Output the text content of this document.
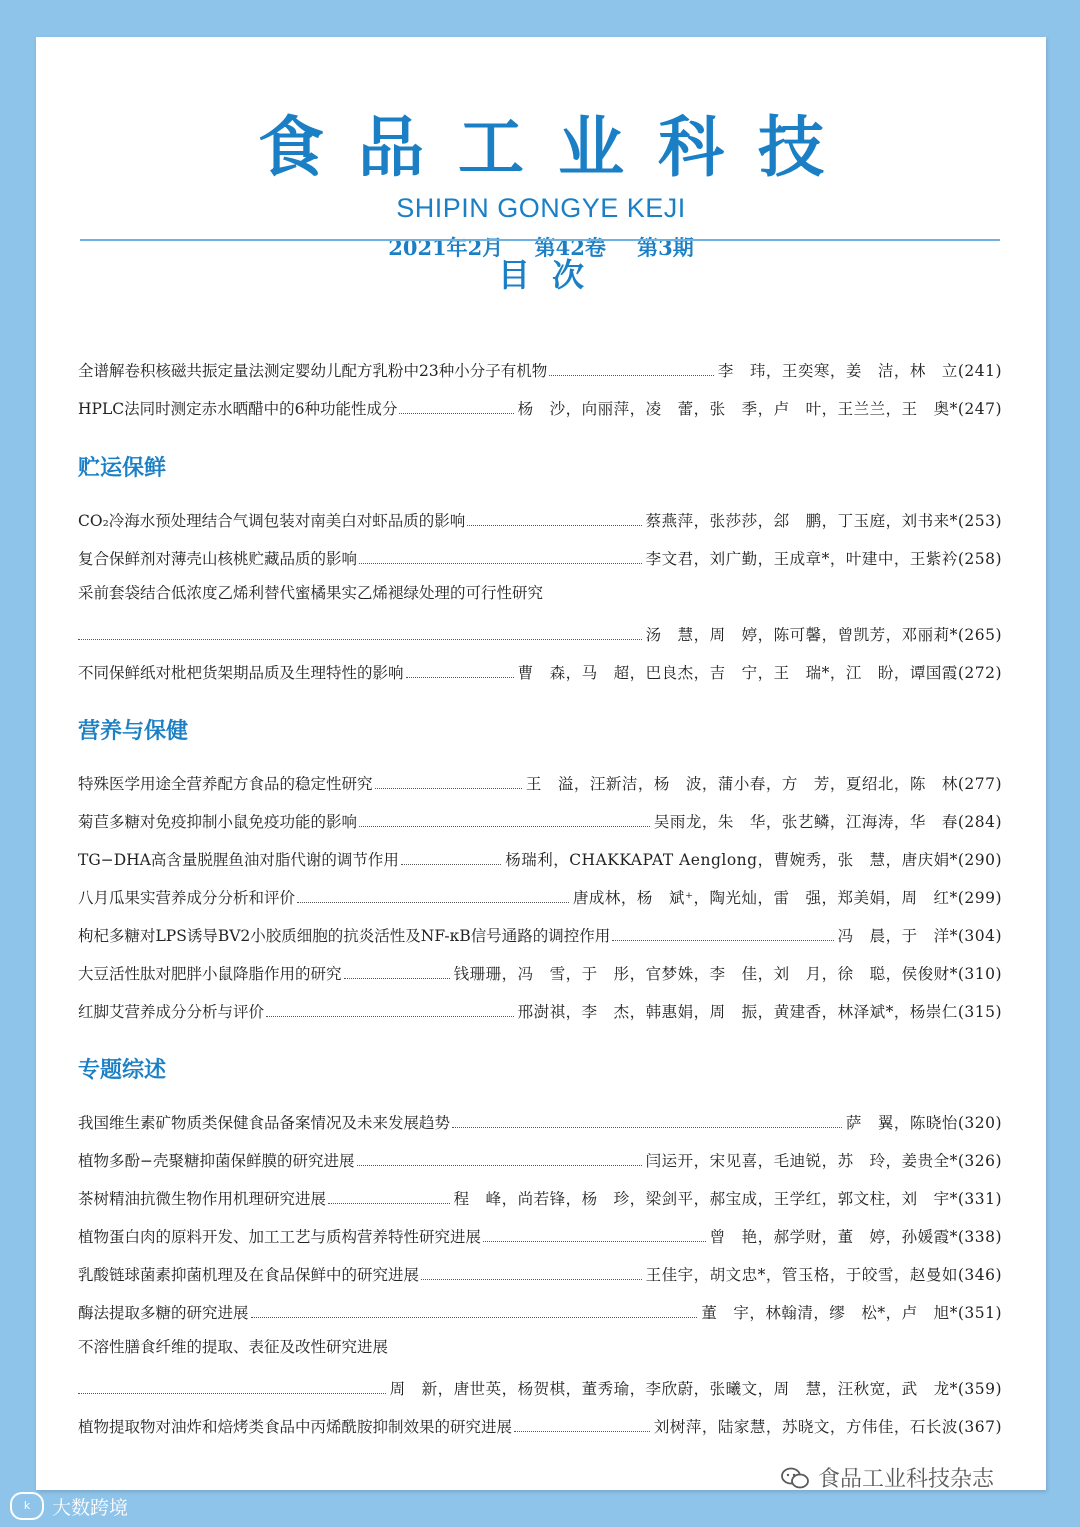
食品工业科技
SHIPIN GONGYE KEJI
2021年2月 第42卷 第3期
目次
全谱解卷积核磁共振定量法测定婴幼儿配方乳粉中23种小分子有机物	李　玮，王奕寒，姜　洁，林　立(241)
HPLC法同时测定赤水晒醋中的6种功能性成分	杨　沙，向丽萍，凌　蕾，张　季，卢　叶，王兰兰，王　奥*(247)
CO₂冷海水预处理结合气调包装对南美白对虾品质的影响	蔡燕萍，张莎莎，郐　鹏，丁玉庭，刘书来*(253)
复合保鲜剂对薄壳山核桃贮藏品质的影响	李文君，刘广勤，王成章*，叶建中，王紫衿(258)
采前套袋结合低浓度乙烯利替代蜜橘果实乙烯褪绿处理的可行性研究
汤　慧，周　婷，陈可馨，曾凯芳，邓丽莉*(265)
不同保鲜纸对枇杷货架期品质及生理特性的影响	曹　森，马　超，巴良杰，吉　宁，王　瑞*，江　盼，谭国霞(272)
特殊医学用途全营养配方食品的稳定性研究	王　溢，汪新洁，杨　波，蒲小春，方　芳，夏绍北，陈　林(277)
菊苣多糖对免疫抑制小鼠免疫功能的影响	吴雨龙，朱　华，张艺鳞，江海涛，华　春(284)
TG−DHA高含量脱腥鱼油对脂代谢的调节作用	杨瑞利，CHAKKAPAT Aenglong，曹婉秀，张　慧，唐庆娟*(290)
八月瓜果实营养成分分析和评价	唐成林，杨　斌⁺，陶光灿，雷　强，郑美娟，周　红*(299)
枸杞多糖对LPS诱导BV2小胶质细胞的抗炎活性及NF-κB信号通路的调控作用	冯　晨，于　洋*(304)
大豆活性肽对肥胖小鼠降脂作用的研究	钱珊珊，冯　雪，于　彤，官梦姝，李　佳，刘　月，徐　聪，侯俊财*(310)
红脚艾营养成分分析与评价	邢澍祺，李　杰，韩惠娟，周　振，黄建香，林泽斌*，杨崇仁(315)
我国维生素矿物质类保健食品备案情况及未来发展趋势	萨　翼，陈晓怡(320)
植物多酚−壳聚糖抑菌保鲜膜的研究进展	闫运开，宋见喜，毛迪锐，苏　玲，姜贵全*(326)
茶树精油抗微生物作用机理研究进展	程　峰，尚若锋，杨　珍，梁剑平，郝宝成，王学红，郭文柱，刘　宇*(331)
植物蛋白肉的原料开发、加工工艺与质构营养特性研究进展	曾　艳，郝学财，董　婷，孙媛霞*(338)
乳酸链球菌素抑菌机理及在食品保鲜中的研究进展	王佳宇，胡文忠*，管玉格，于皎雪，赵曼如(346)
酶法提取多糖的研究进展	董　宇，林翰清，缪　松*，卢　旭*(351)
不溶性膳食纤维的提取、表征及改性研究进展
周　新，唐世英，杨贺棋，董秀瑜，李欣蔚，张曦文，周　慧，汪秋宽，武　龙*(359)
植物提取物对油炸和焙烤类食品中丙烯酰胺抑制效果的研究进展	刘树萍，陆家慧，苏晓文，方伟佳，石长波(367)
贮运保鲜
营养与保健
专题综述
k	大数跨境
食品工业科技杂志
